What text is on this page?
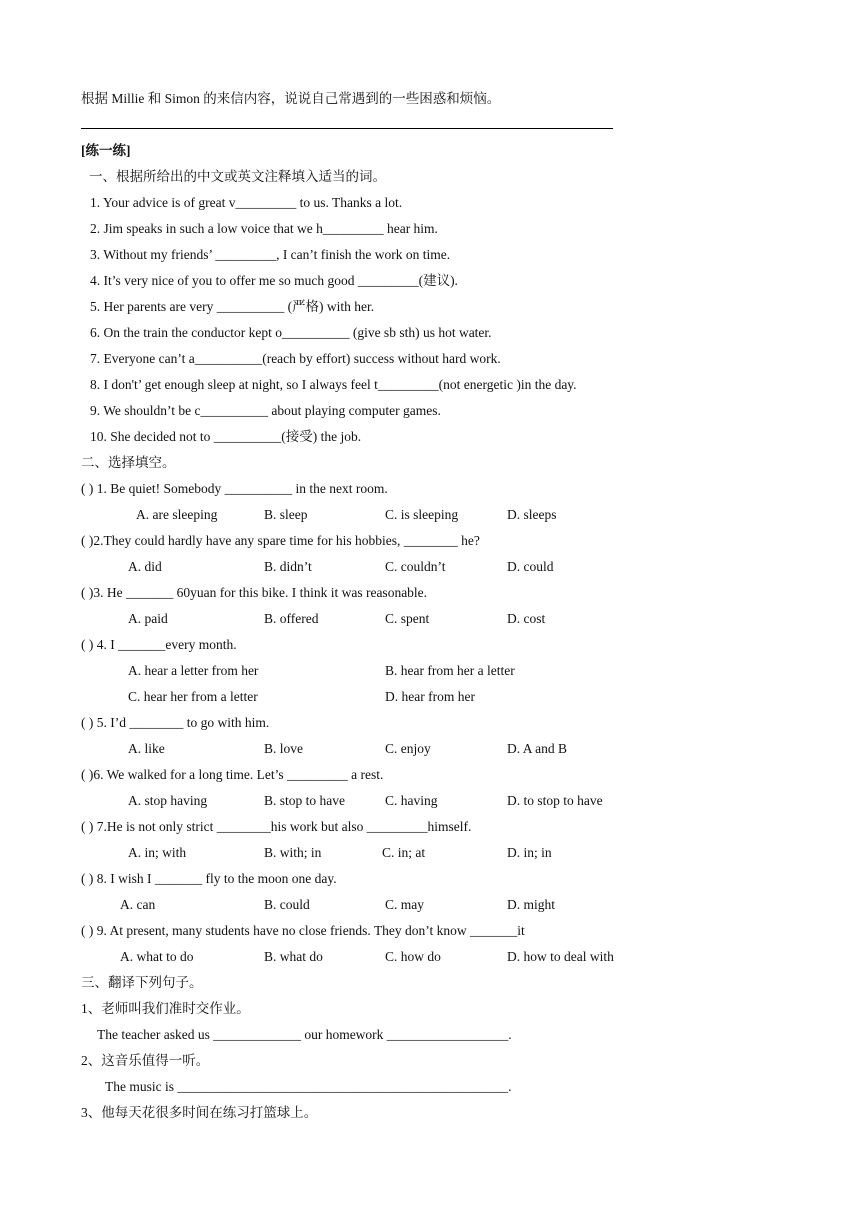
根据 Millie 和 Simon 的来信内容，说说自己常遇到的一些困惑和烦恼。
[练一练]
一、根据所给出的中文或英文注释填入适当的词。
1. Your advice is of great v_________ to us. Thanks a lot.
2. Jim speaks in such a low voice that we h_________ hear him.
3. Without my friends’ _________, I can’t finish the work on time.
4. It’s very nice of you to offer me so much good _________(建议).
5. Her parents are very __________ (严格) with her.
6. On the train the conductor kept o__________ (give sb sth) us hot water.
7. Everyone can’t a__________(reach by effort) success without hard work.
8. I don't’ get enough sleep at night, so I always feel t_________(not energetic )in the day.
9. We shouldn’t be c__________ about playing computer games.
10. She decided not to __________(接受) the job.
二、选择填空。
( ) 1. Be quiet! Somebody __________ in the next room.
A. are sleeping	B. sleep	C. is sleeping	D. sleeps
( )2.They could hardly have any spare time for his hobbies, ________ he?
A. did	B. didn’t	C. couldn’t	D. could
( )3. He _______ 60yuan for this bike. I think it was reasonable.
A. paid	B. offered	C. spent	D. cost
( ) 4. I _______every month.
A. hear a letter from her	B. hear from her a letter
C. hear her from a letter	D. hear from her
( ) 5. I’d ________ to go with him.
A. like	B. love	C. enjoy	D. A and B
( )6. We walked for a long time. Let’s _________ a rest.
A. stop having	B. stop to have	C. having	D. to stop to have
( ) 7.He is not only strict ________his work but also _________himself.
A. in; with	B. with; in	C. in; at	D. in; in
( ) 8. I wish I _______ fly to the moon one day.
A. can	B. could	C. may	D. might
( ) 9. At present, many students have no close friends. They don’t know _______it
A. what to do	B. what do	C. how do	D. how to deal with
三、翻译下列句子。
1、老师叫我们准时交作业。
The teacher asked us _____________ our homework __________________.
2、这音乐值得一听。
The music is _________________________________________________.
3、他每天花很多时间在练习打篮球上。
